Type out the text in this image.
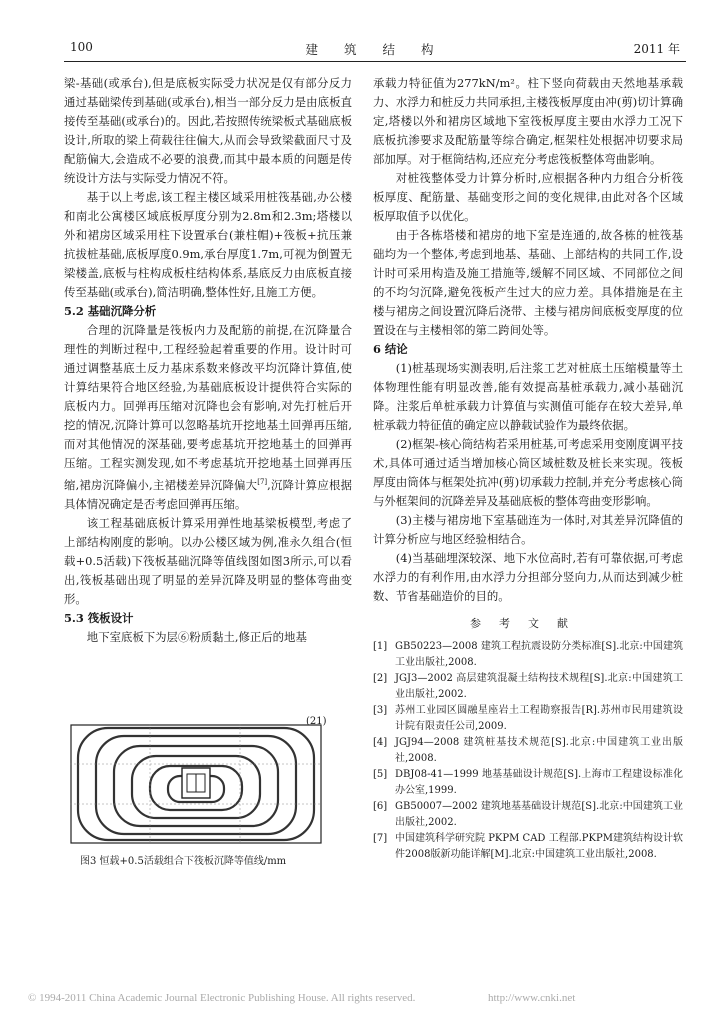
100	建 筑 结 构	2011 年

梁-基础(或承台),但是底板实际受力状况是仅有部分反力通过基础梁传到基础(或承台),相当一部分反力是由底板直接传至基础(或承台)的。因此,若按照传统梁板式基础底板设计,所取的梁上荷载往往偏大,从而会导致梁截面尺寸及配筋偏大,会造成不必要的浪费,而其中最本质的问题是传统设计方法与实际受力情况不符。

基于以上考虑,该工程主楼区域采用桩筏基础,办公楼和南北公寓楼区域底板厚度分别为2.8m和2.3m;塔楼以外和裙房区域采用柱下设置承台(兼柱帽)+筏板+抗压兼抗拔桩基础,底板厚度0.9m,承台厚度1.7m,可视为倒置无梁楼盖,底板与柱构成板柱结构体系,基底反力由底板直接传至基础(或承台),简洁明确,整体性好,且施工方便。

5.2 基础沉降分析

合理的沉降量是筏板内力及配筋的前提,在沉降量合理性的判断过程中,工程经验起着重要的作用。设计时可通过调整基底土反力基床系数来修改平均沉降计算值,使计算结果符合地区经验,为基础底板设计提供符合实际的底板内力。回弹再压缩对沉降也会有影响,对先打桩后开挖的情况,沉降计算可以忽略基坑开挖地基土回弹再压缩,而对其他情况的深基础,要考虑基坑开挖地基土的回弹再压缩。工程实测发现,如不考虑基坑开挖地基土回弹再压缩,裙房沉降偏小,主裙楼差异沉降偏大[7],沉降计算应根据具体情况确定是否考虑回弹再压缩。

该工程基础底板计算采用弹性地基梁板模型,考虑了上部结构刚度的影响。以办公楼区域为例,准永久组合(恒载+0.5活载)下筏板基础沉降等值线图如图3所示,可以看出,筏板基础出现了明显的差异沉降及明显的整体弯曲变形。

5.3 筏板设计

地下室底板下为层⑥粉质黏土,修正后的地基

(21)
图3 恒载+0.5活载组合下筏板沉降等值线/mm

承载力特征值为277kN/m²。柱下竖向荷载由天然地基承载力、水浮力和桩反力共同承担,主楼筏板厚度由冲(剪)切计算确定,塔楼以外和裙房区域地下室筏板厚度主要由水浮力工况下底板抗渗要求及配筋量等综合确定,框架柱处根据冲切要求局部加厚。对于框筒结构,还应充分考虑筏板整体弯曲影响。

对桩筏整体受力计算分析时,应根据各种内力组合分析筏板厚度、配筋量、基础变形之间的变化规律,由此对各个区域板厚取值予以优化。

由于各栋塔楼和裙房的地下室是连通的,故各栋的桩筏基础均为一个整体,考虑到地基、基础、上部结构的共同工作,设计时可采用构造及施工措施等,缓解不同区域、不同部位之间的不均匀沉降,避免筏板产生过大的应力差。具体措施是在主楼与裙房之间设置沉降后浇带、主楼与裙房间底板变厚度的位置设在与主楼相邻的第二跨间处等。

6 结论

(1)桩基现场实测表明,后注浆工艺对桩底土压缩模量等土体物理性能有明显改善,能有效提高基桩承载力,减小基础沉降。注浆后单桩承载力计算值与实测值可能存在较大差异,单桩承载力特征值的确定应以静载试验作为最终依据。

(2)框架-核心筒结构若采用桩基,可考虑采用变刚度调平技术,具体可通过适当增加核心筒区域桩数及桩长来实现。筏板厚度由筒体与框架处抗冲(剪)切承载力控制,并充分考虑核心筒与外框架间的沉降差异及基础底板的整体弯曲变形影响。

(3)主楼与裙房地下室基础连为一体时,对其差异沉降值的计算分析应与地区经验相结合。

(4)当基础埋深较深、地下水位高时,若有可靠依据,可考虑水浮力的有利作用,由水浮力分担部分竖向力,从而达到减少桩数、节省基础造价的目的。

参考文献
[1] GB50223—2008 建筑工程抗震设防分类标准[S].北京:中国建筑工业出版社,2008.
[2] JGJ3—2002 高层建筑混凝土结构技术规程[S].北京:中国建筑工业出版社,2002.
[3] 苏州工业园区圆融星座岩土工程勘察报告[R].苏州市民用建筑设计院有限责任公司,2009.
[4] JGJ94—2008 建筑桩基技术规范[S].北京:中国建筑工业出版社,2008.
[5] DBJ08-41—1999 地基基础设计规范[S].上海市工程建设标准化办公室,1999.
[6] GB50007—2002 建筑地基基础设计规范[S].北京:中国建筑工业出版社,2002.
[7] 中国建筑科学研究院 PKPM CAD 工程部.PKPM建筑结构设计软件2008版新功能详解[M].北京:中国建筑工业出版社,2008.
© 1994-2011 China Academic Journal Electronic Publishing House. All rights reserved.	http://www.cnki.net
